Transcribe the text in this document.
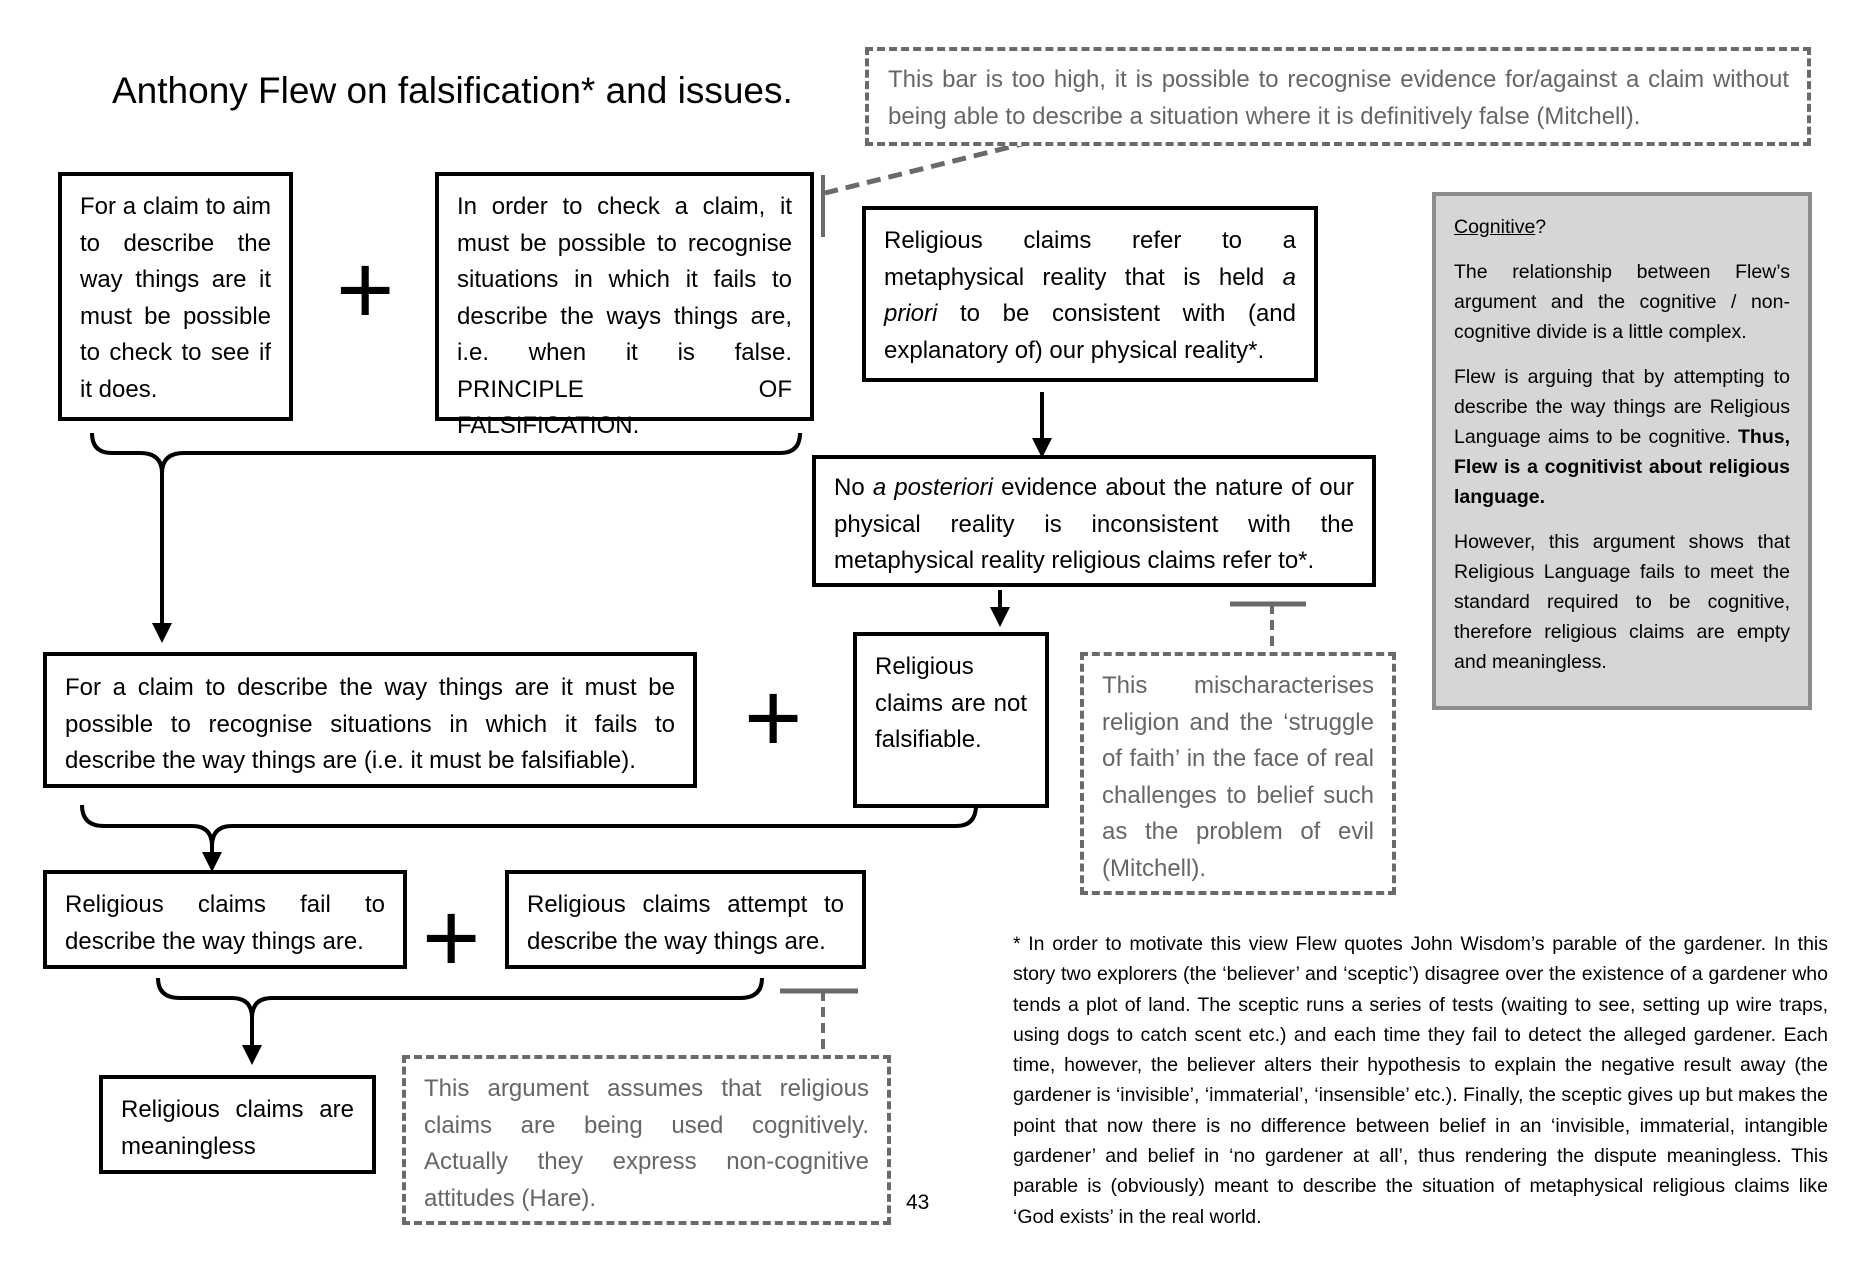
Anthony Flew on falsification* and issues.	This bar is too high, it is possible to recognise evidence for/against a claim without being able to describe a situation where it is definitively false (Mitchell).
For a claim to aim to describe the way things are it must be possible to check to see if it does.
+
In order to check a claim, it must be possible to recognise situations in which it fails to describe the ways things are, i.e. when it is false. PRINCIPLE OF FALSIFICATION.
Religious claims refer to a metaphysical reality that is held a priori to be consistent with (and explanatory of) our physical reality*.
No a posteriori evidence about the nature of our physical reality is inconsistent with the metaphysical reality religious claims refer to*.
For a claim to describe the way things are it must be possible to recognise situations in which it fails to describe the way things are (i.e. it must be falsifiable).	+	Religious claims are not falsifiable.
This mischaracterises religion and the ‘struggle of faith’ in the face of real challenges to belief such as the problem of evil (Mitchell).
Religious claims fail to describe the way things are. +	Religious claims attempt to describe the way things are.
Religious claims are meaningless
This argument assumes that religious claims are being used cognitively. Actually they express non-cognitive attitudes (Hare).	43

Cognitive?

The relationship between Flew’s argument and the cognitive / non-cognitive divide is a little complex.

Flew is arguing that by attempting to describe the way things are Religious Language aims to be cognitive. Thus, Flew is a cognitivist about religious language.

However, this argument shows that Religious Language fails to meet the standard required to be cognitive, therefore religious claims are empty and meaningless.

* In order to motivate this view Flew quotes John Wisdom’s parable of the gardener. In this story two explorers (the ‘believer’ and ‘sceptic’) disagree over the existence of a gardener who tends a plot of land. The sceptic runs a series of tests (waiting to see, setting up wire traps, using dogs to catch scent etc.) and each time they fail to detect the alleged gardener. Each time, however, the believer alters their hypothesis to explain the negative result away (the gardener is ‘invisible’, ‘immaterial’, ‘insensible’ etc.). Finally, the sceptic gives up but makes the point that now there is no difference between belief in an ‘invisible, immaterial, intangible gardener’ and belief in ‘no gardener at all’, thus rendering the dispute meaningless. This parable is (obviously) meant to describe the situation of metaphysical religious claims like ‘God exists’ in the real world.
